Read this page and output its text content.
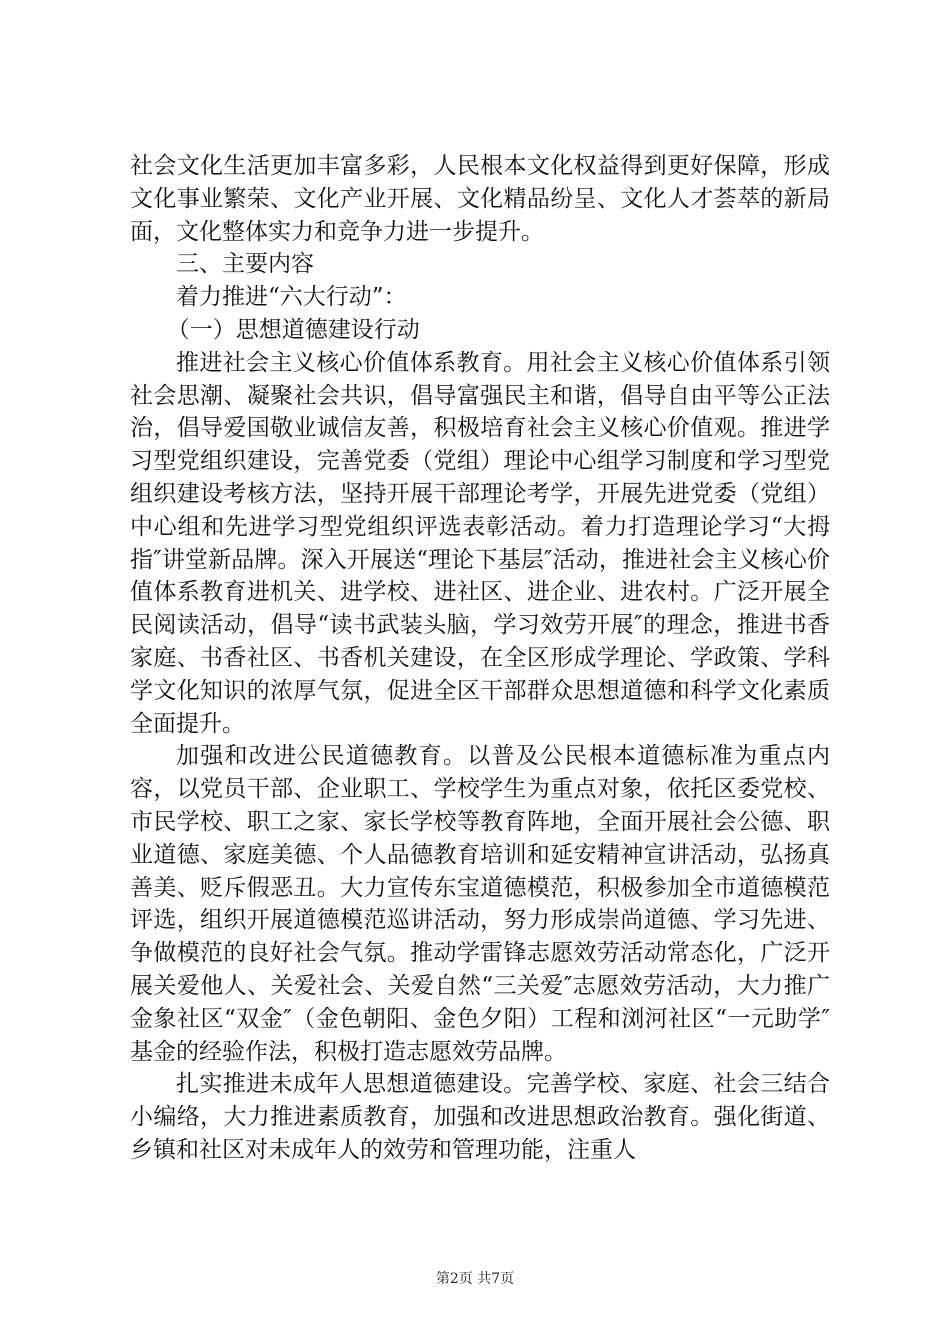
社会文化生活更加丰富多彩，人民根本文化权益得到更好保障，形成文化事业繁荣、文化产业开展、文化精品纷呈、文化人才荟萃的新局面，文化整体实力和竞争力进一步提升。

三、主要内容

着力推进“六大行动”：

（一）思想道德建设行动

推进社会主义核心价值体系教育。用社会主义核心价值体系引领社会思潮、凝聚社会共识，倡导富强民主和谐，倡导自由平等公正法治，倡导爱国敬业诚信友善，积极培育社会主义核心价值观。推进学习型党组织建设，完善党委（党组）理论中心组学习制度和学习型党组织建设考核方法，坚持开展干部理论考学，开展先进党委（党组）中心组和先进学习型党组织评选表彰活动。着力打造理论学习“大拇指″讲堂新品牌。深入开展送“理论下基层″活动，推进社会主义核心价值体系教育进机关、进学校、进社区、进企业、进农村。广泛开展全民阅读活动，倡导“读书武装头脑，学习效劳开展″的理念，推进书香家庭、书香社区、书香机关建设，在全区形成学理论、学政策、学科学文化知识的浓厚气氛，促进全区干部群众思想道德和科学文化素质全面提升。

加强和改进公民道德教育。以普及公民根本道德标准为重点内容，以党员干部、企业职工、学校学生为重点对象，依托区委党校、市民学校、职工之家、家长学校等教育阵地，全面开展社会公德、职业道德、家庭美德、个人品德教育培训和延安精神宣讲活动，弘扬真善美、贬斥假恶丑。大力宣传东宝道德模范，积极参加全市道德模范评选，组织开展道德模范巡讲活动，努力形成崇尚道德、学习先进、争做模范的良好社会气氛。推动学雷锋志愿效劳活动常态化，广泛开展关爱他人、关爱社会、关爱自然“三关爱″志愿效劳活动，大力推广金象社区“双金″（金色朝阳、金色夕阳）工程和浏河社区“一元助学″基金的经验作法，积极打造志愿效劳品牌。

扎实推进未成年人思想道德建设。完善学校、家庭、社会三结合小编络，大力推进素质教育，加强和改进思想政治教育。强化街道、乡镇和社区对未成年人的效劳和管理功能，注重人

第2页 共7页
